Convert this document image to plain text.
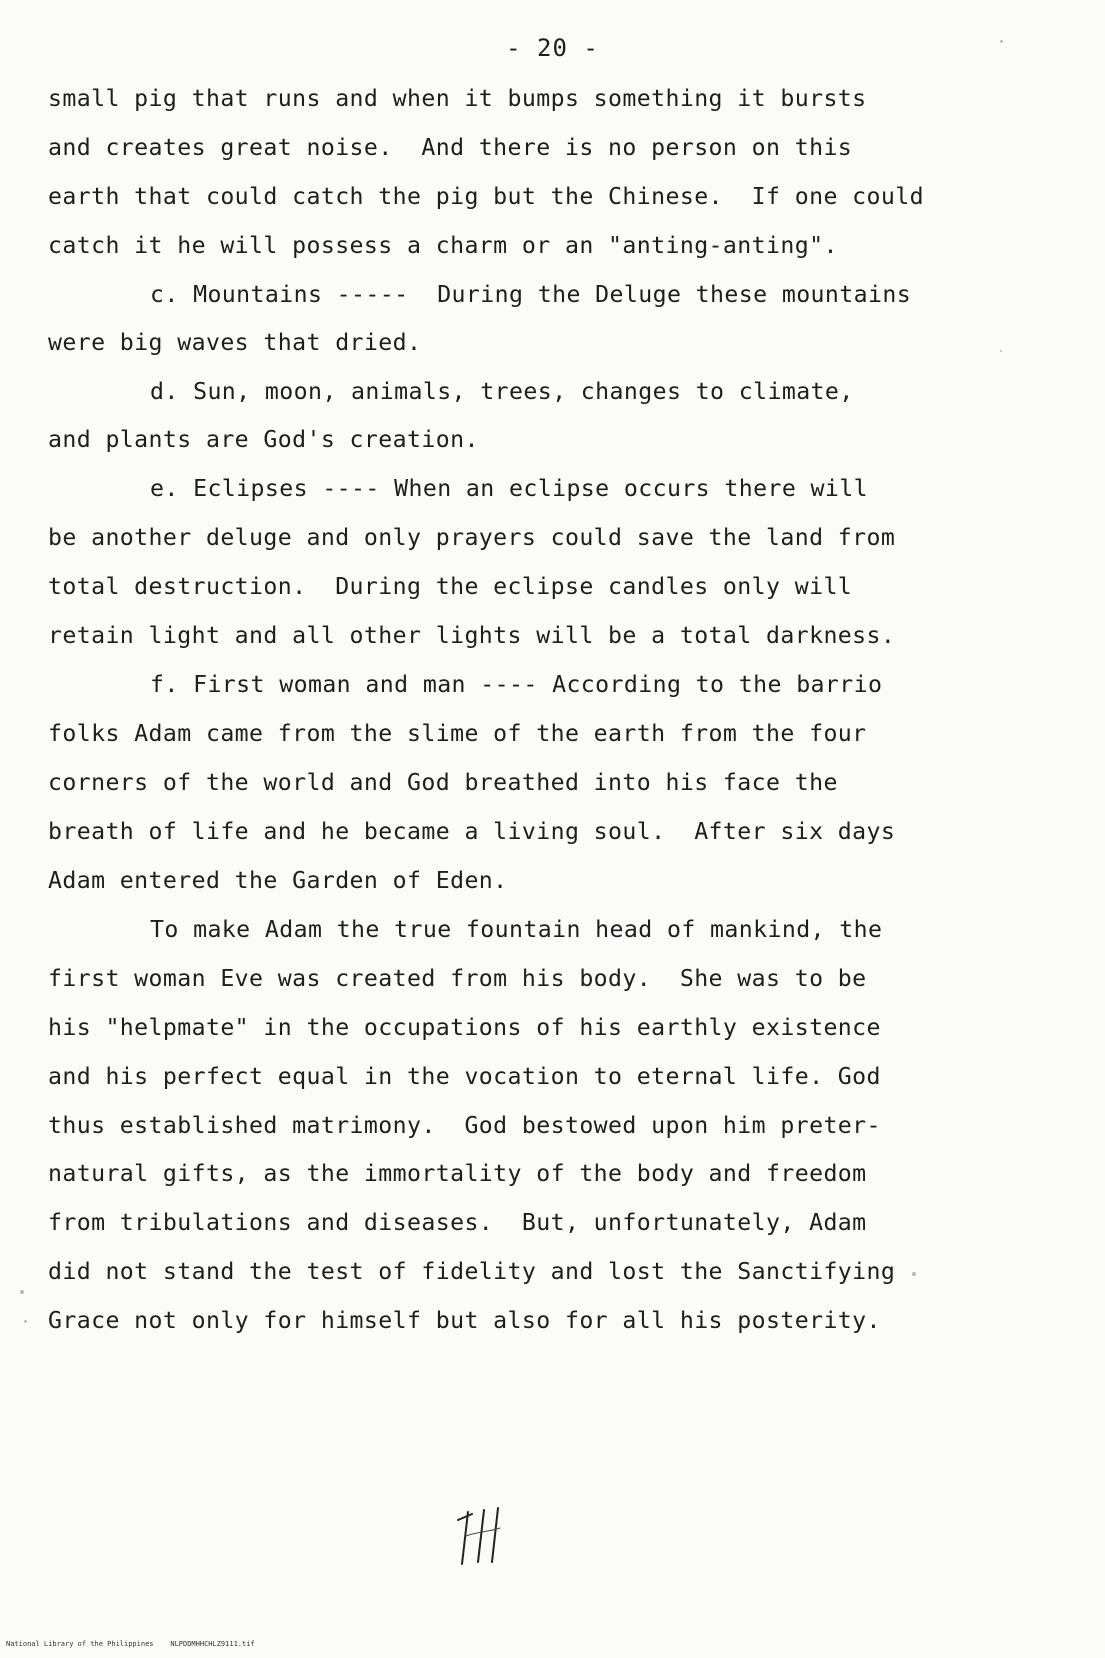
- 20 -
small pig that runs and when it bumps something it bursts
and creates great noise.  And there is no person on this
earth that could catch the pig but the Chinese.  If one could
catch it he will possess a charm or an "anting-anting".
c. Mountains -----  During the Deluge these mountains
were big waves that dried.
d. Sun, moon, animals, trees, changes to climate,
and plants are God's creation.
e. Eclipses ---- When an eclipse occurs there will
be another deluge and only prayers could save the land from
total destruction.  During the eclipse candles only will
retain light and all other lights will be a total darkness.
f. First woman and man ---- According to the barrio
folks Adam came from the slime of the earth from the four
corners of the world and God breathed into his face the
breath of life and he became a living soul.  After six days
Adam entered the Garden of Eden.
To make Adam the true fountain head of mankind, the
first woman Eve was created from his body.  She was to be
his "helpmate" in the occupations of his earthly existence
and his perfect equal in the vocation to eternal life. God
thus established matrimony.  God bestowed upon him preter-
natural gifts, as the immortality of the body and freedom
from tribulations and diseases.  But, unfortunately, Adam
did not stand the test of fidelity and lost the Sanctifying
Grace not only for himself but also for all his posterity.
National Library of the Philippines    NLPDDMHHCHLZ9111.tif
